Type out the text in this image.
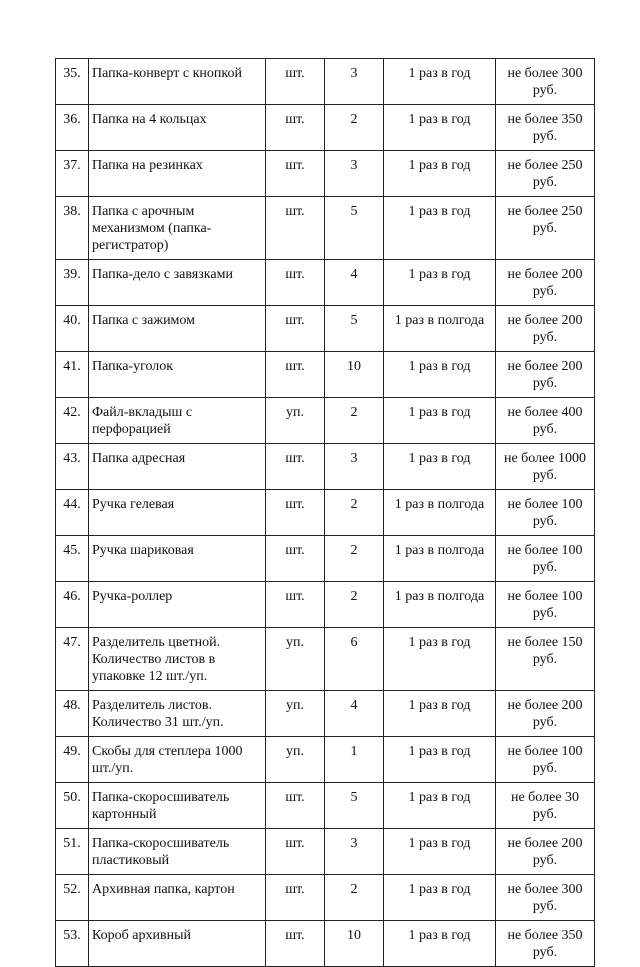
35.	Папка-конверт с кнопкой	шт.	3	1 раз в год	не более 300 руб.
36.	Папка на 4 кольцах	шт.	2	1 раз в год	не более 350 руб.
37.	Папка на резинках	шт.	3	1 раз в год	не более 250 руб.
38.	Папка с арочным механизмом (папка-регистратор)	шт.	5	1 раз в год	не более 250 руб.
39.	Папка-дело с завязками	шт.	4	1 раз в год	не более 200 руб.
40.	Папка с зажимом	шт.	5	1 раз в полгода	не более 200 руб.
41.	Папка-уголок	шт.	10	1 раз в год	не более 200 руб.
42.	Файл-вкладыш с перфорацией	уп.	2	1 раз в год	не более 400 руб.
43.	Папка адресная	шт.	3	1 раз в год	не более 1000 руб.
44.	Ручка гелевая	шт.	2	1 раз в полгода	не более 100 руб.
45.	Ручка шариковая	шт.	2	1 раз в полгода	не более 100 руб.
46.	Ручка-роллер	шт.	2	1 раз в полгода	не более 100 руб.
47.	Разделитель цветной. Количество листов в упаковке 12 шт./уп.	уп.	6	1 раз в год	не более 150 руб.
48.	Разделитель листов. Количество 31 шт./уп.	уп.	4	1 раз в год	не более 200 руб.
49.	Скобы для степлера 1000 шт./уп.	уп.	1	1 раз в год	не более 100 руб.
50.	Папка-скоросшиватель картонный	шт.	5	1 раз в год	не более 30 руб.
51.	Папка-скоросшиватель пластиковый	шт.	3	1 раз в год	не более 200 руб.
52.	Архивная папка, картон	шт.	2	1 раз в год	не более 300 руб.
53.	Короб архивный	шт.	10	1 раз в год	не более 350 руб.
